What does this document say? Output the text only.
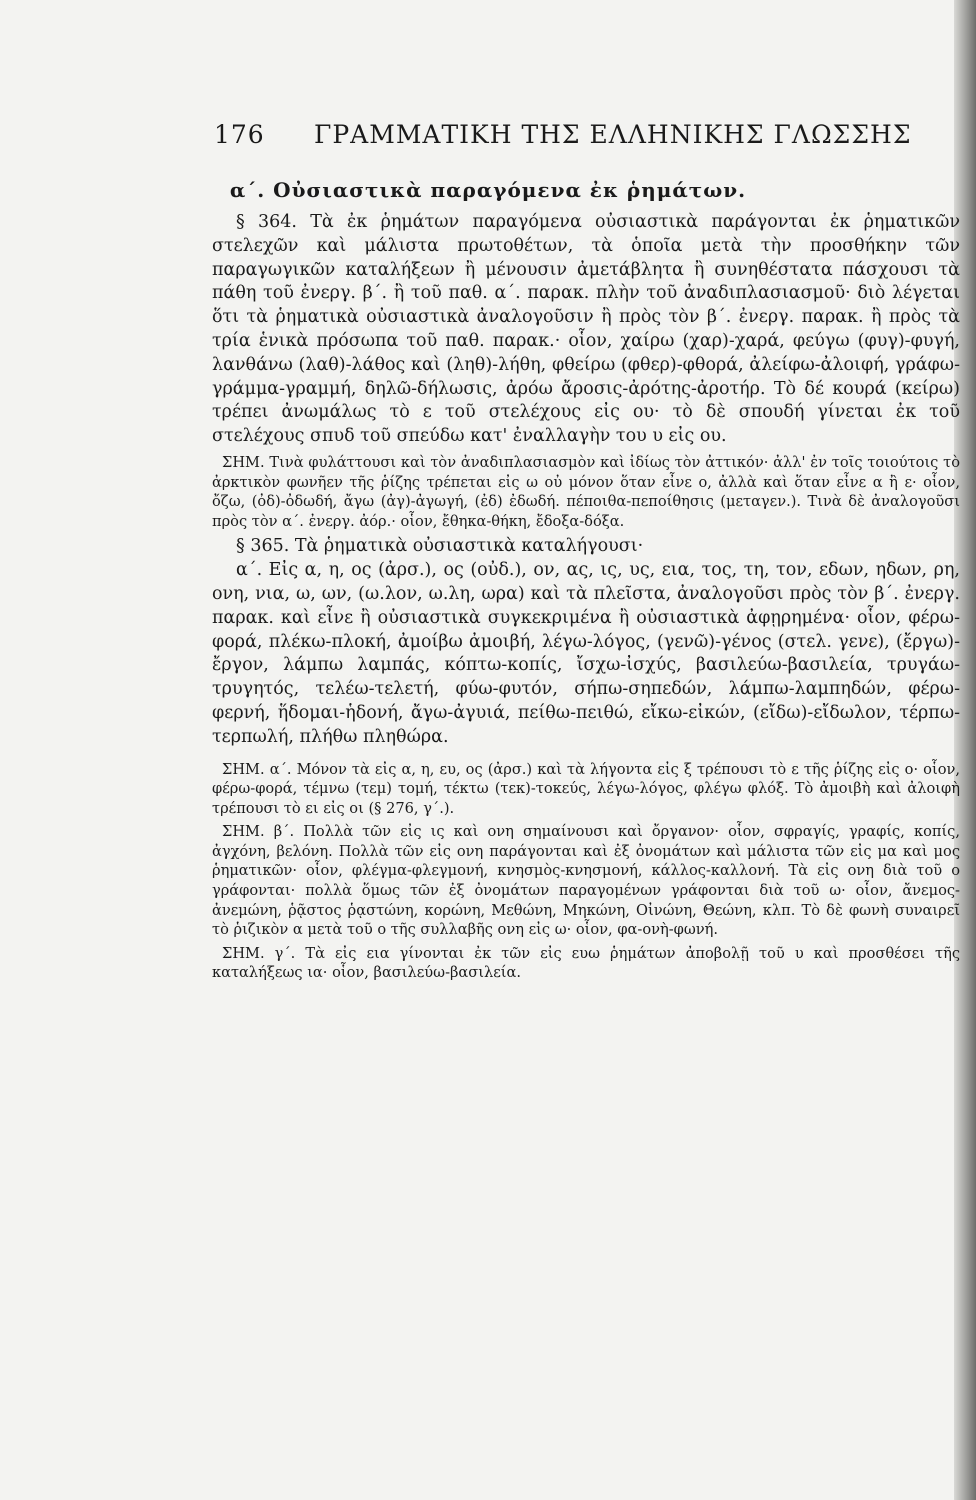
176 ΓΡΑΜΜΑΤΙΚΗ ΤΗΣ ΕΛΛΗΝΙΚΗΣ ΓΛΩΣΣΗΣ
α΄. Οὐσιαστικὰ παραγόμενα ἐκ ῥημάτων.

§ 364. Τὰ ἐκ ῥημάτων παραγόμενα οὐσιαστικὰ παράγονται ἐκ ῥηματικῶν στελεχῶν καὶ μάλιστα πρωτοθέτων, τὰ ὁποῖα μετὰ τὴν προσθήκην τῶν παραγωγικῶν καταλήξεων ἢ μένουσιν ἀμετάβλητα ἢ συνηθέστατα πάσχουσι τὰ πάθη τοῦ ἐνεργ. β΄. ἢ τοῦ παθ. α΄. παρακ. πλὴν τοῦ ἀναδιπλασιασμοῦ· διὸ λέγεται ὅτι τὰ ῥηματικὰ οὐσιαστικὰ ἀναλογοῦσιν ἢ πρὸς τὸν β΄. ἐνεργ. παρακ. ἢ πρὸς τὰ τρία ἑνικὰ πρόσωπα τοῦ παθ. παρακ.· οἷον, χαίρω (χαρ)-χαρά, φεύγω (φυγ)-φυγή, λανθάνω (λαθ)-λάθος καὶ (ληθ)-λήθη, φθείρω (φθερ)-φθορά, ἀλείφω-ἀλοιφή, γράφω-γράμμα-γραμμή, δηλῶ-δήλωσις, ἀρόω ἄροσις-ἀρότης-ἀροτήρ. Τὸ δέ κουρά (κείρω) τρέπει ἀνωμάλως τὸ ε τοῦ στελέχους εἰς ου· τὸ δὲ σπουδή γίνεται ἐκ τοῦ στελέχους σπυδ τοῦ σπεύδω κατ' ἐναλλαγὴν του υ εἰς ου.

ΣΗΜ. Τινὰ φυλάττουσι καὶ τὸν ἀναδιπλασιασμὸν καὶ ἰδίως τὸν ἀττικόν· ἀλλ' ἐν τοῖς τοιούτοις τὸ ἀρκτικὸν φωνῆεν τῆς ῥίζης τρέπεται εἰς ω οὐ μόνον ὅταν εἶνε ο, ἀλλὰ καὶ ὅταν εἶνε α ἢ ε· οἷον, ὄζω, (ὀδ)-ὀδωδή, ἄγω (ἀγ)-ἀγωγή, (ἐδ) ἐδωδή. πέποιθα-πεποίθησις (μεταγεν.). Τινὰ δὲ ἀναλογοῦσι πρὸς τὸν α΄. ἐνεργ. ἀόρ.· οἷον, ἔθηκα-θήκη, ἔδοξα-δόξα.

§ 365. Τὰ ῥηματικὰ οὐσιαστικὰ καταλήγουσι·

α΄. Εἰς α, η, ος (ἀρσ.), ος (οὐδ.), ον, ας, ις, υς, εια, τος, τη, τον, εδων, ηδων, ρη, ονη, νια, ω, ων, (ω.λον, ω.λη, ωρα) καὶ τὰ πλεῖστα, ἀναλογοῦσι πρὸς τὸν β΄. ἐνεργ. παρακ. καὶ εἶνε ἢ οὐσιαστικὰ συγκεκριμένα ἢ οὐσιαστικὰ ἀφῃρημένα· οἷον, φέρω-φορά, πλέκω-πλοκή, ἀμοίβω ἀμοιβή, λέγω-λόγος, (γενῶ)-γένος (στελ. γενε), (ἔργω)-ἔργον, λάμπω λαμπάς, κόπτω-κοπίς, ἴσχω-ἰσχύς, βασιλεύω-βασιλεία, τρυγάω-τρυγητός, τελέω-τελετή, φύω-φυτόν, σήπω-σηπεδών, λάμπω-λαμπηδών, φέρω-φερνή, ἥδομαι-ἡδονή, ἄγω-ἀγυιά, πείθω-πειθώ, εἴκω-εἰκών, (εἴδω)-εἴδωλον, τέρπω-τερπωλή, πλήθω πληθώρα.

ΣΗΜ. α΄. Μόνον τὰ εἰς α, η, ευ, ος (ἀρσ.) καὶ τὰ λήγοντα εἰς ξ τρέπουσι τὸ ε τῆς ῥίζης εἰς ο· οἷον, φέρω-φορά, τέμνω (τεμ) τομή, τέκτω (τεκ)-τοκεύς, λέγω-λόγος, φλέγω φλόξ. Τὸ ἀμοιβὴ καὶ ἀλοιφὴ τρέπουσι τὸ ει εἰς οι (§ 276, γ΄.).

ΣΗΜ. β΄. Πολλὰ τῶν εἰς ις καὶ ονη σημαίνουσι καὶ ὄργανον· οἷον, σφραγίς, γραφίς, κοπίς, ἀγχόνη, βελόνη. Πολλὰ τῶν εἰς ονη παράγονται καὶ ἐξ ὀνομάτων καὶ μάλιστα τῶν εἰς μα καὶ μος ῥηματικῶν· οἷον, φλέγμα-φλεγμονή, κνησμὸς-κνησμονή, κάλλος-καλλονή. Τὰ εἰς ονη διὰ τοῦ ο γράφονται· πολλὰ ὅμως τῶν ἐξ ὀνομάτων παραγομένων γράφονται διὰ τοῦ ω· οἷον, ἄνεμος-ἀνεμώνη, ῥᾷστος ῥᾳστώνη, κορώνη, Μεθώνη, Μηκώνη, Οἰνώνη, Θεώνη, κλπ. Τὸ δὲ φωνὴ συναιρεῖ τὸ ῥιζικὸν α μετὰ τοῦ ο τῆς συλλαβῆς ονη εἰς ω· οἷον, φα-ονὴ-φωνή.

ΣΗΜ. γ΄. Τὰ εἰς εια γίνονται ἐκ τῶν εἰς ευω ῥημάτων ἀποβολῇ τοῦ υ καὶ προσθέσει τῆς καταλήξεως ια· οἷον, βασιλεύω-βασιλεία.
